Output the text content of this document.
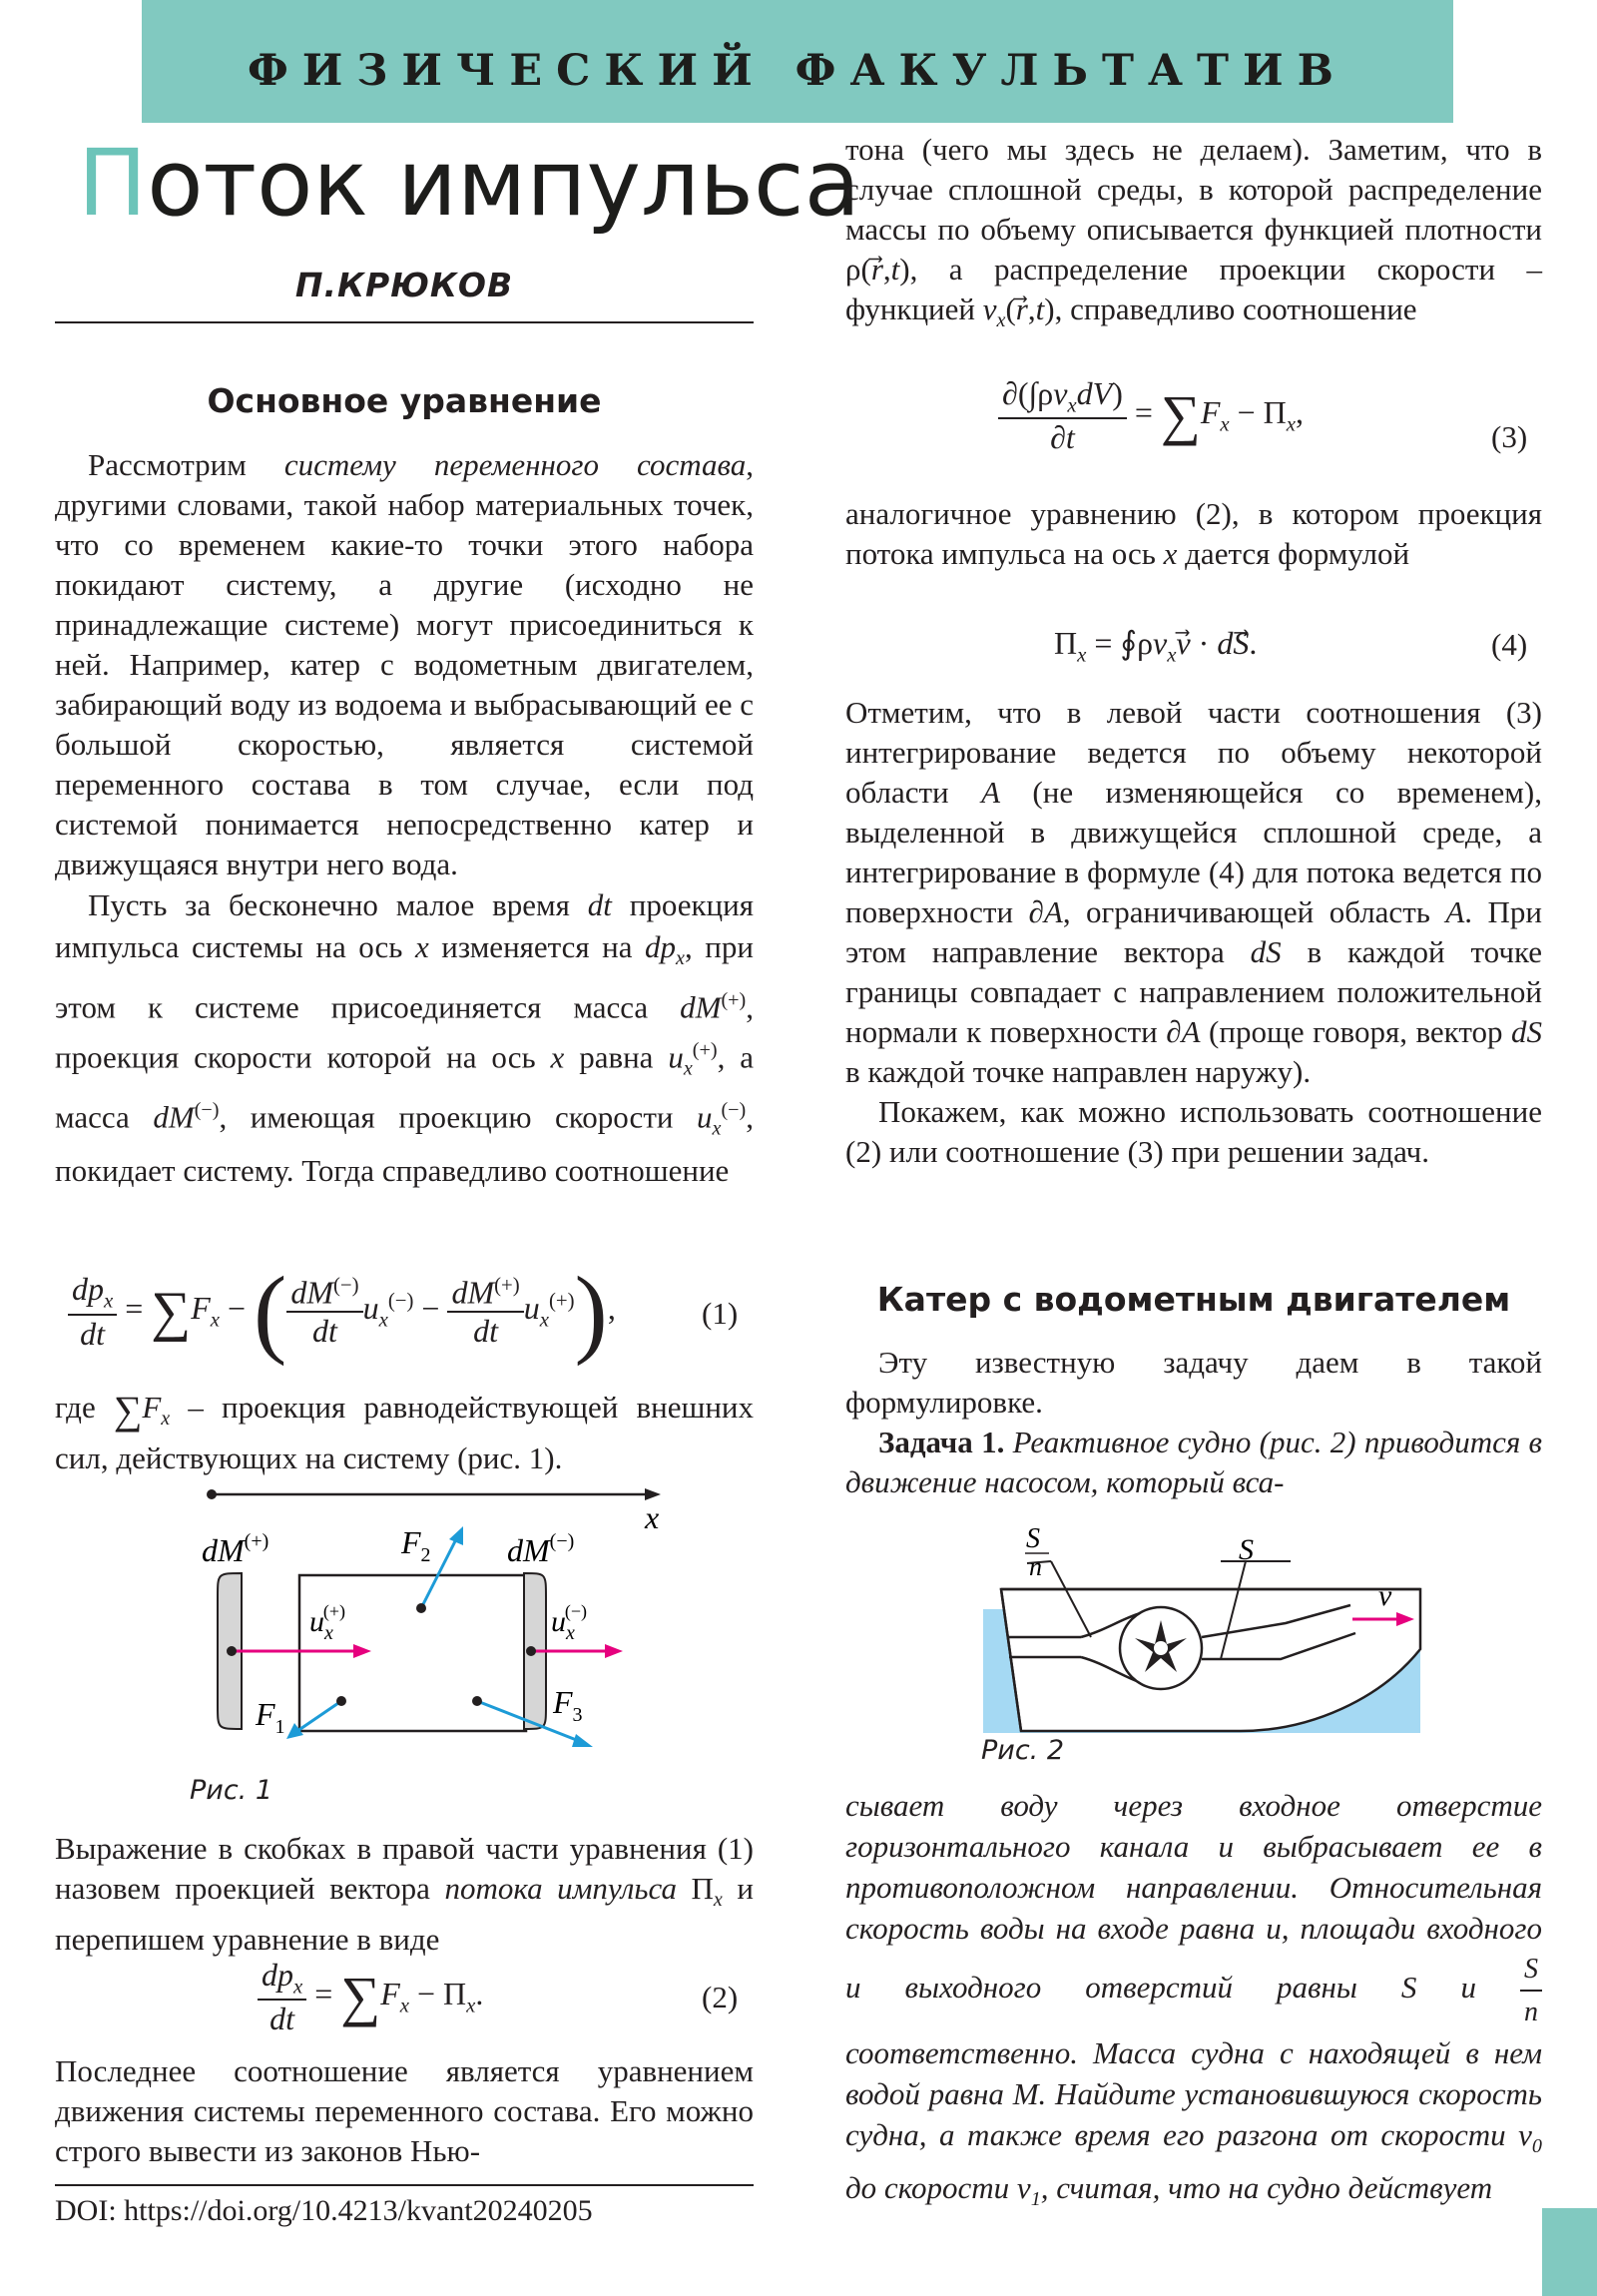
ФИЗИЧЕСКИЙ ФАКУЛЬТАТИВ
Поток импульса
П.КРЮКОВ
Основное уравнение

Рассмотрим систему переменного состава, другими словами, такой набор материальных точек, что со временем какие-то точки этого набора покидают систему, а другие (исходно не принадлежащие системе) могут присоединиться к ней. Например, катер с водометным двигателем, забирающий воду из водоема и выбрасывающий ее с большой скоростью, является системой переменного состава в том случае, если под системой понимается непосредственно катер и движущаяся внутри него вода.

Пусть за бесконечно малое время dt проекция импульса системы на ось x изменяется на $dp_x$, при этом к системе присоединяется масса dM(+), проекция скорости которой на ось x равна $u_x^{(+)}$, а масса dM(−), имеющая проекцию скорости $u_x^{(-)}$, покидает систему. Тогда справедливо соотношение

$\frac{dp_x}{dt} = \sum F_x$ − ( $\frac{dM^{(-)}}{dt} u_x^{(-)} - \frac{dM^{(+)}}{dt} u_x^{(+)}$),	(1)

где $\sum F_x$ – проекция равнодействующей внешних сил, действующих на систему (рис. 1).

x
dM(+)	dM(−)
$F_2$
$F_1$
$F_3$
$u_x(+)$	$u_x(-)$
Рис. 1

Выражение в скобках в правой части уравнения (1) назовем проекцией вектора потока импульса $\Pi_x$ и перепишем уравнение в виде

$\frac{dp_x}{dt} = \sum F_x - \Pi_x$.	(2)

Последнее соотношение является уравнением движения системы переменного состава. Его можно строго вывести из законов Нью-

DOI: https://doi.org/10.4213/kvant20240205

тона (чего мы здесь не делаем). Заметим, что в случае сплошной среды, в которой распределение массы по объему описывается функцией плотности ρ(r⃗,t), а распределение проекции скорости – функцией $v_x(r⃗,t)$, справедливо соотношение

$\frac{\partial(\int\rho v_xdV)}{\partial t} = \sum F_x - \Pi_x$,
(3)

аналогичное уравнению (2), в котором проекция потока импульса на ось x дается формулой

$\Pi_x$ = $∮\rho v_xv⃗$ · dS⃗.	(4)

Отметим, что в левой части соотношения (3) интегрирование ведется по объему некоторой области A (не изменяющейся со временем), выделенной в движущейся сплошной среде, а интегрирование в формуле (4) для потока ведется по поверхности ∂A, ограничивающей область A. При этом направление вектора dS в каждой точке границы совпадает с направлением положительной нормали к поверхности ∂A (проще говоря, вектор dS в каждой точке направлен наружу).

Покажем, как можно использовать соотношение (2) или соотношение (3) при решении задач.

Катер с водометным двигателем

Эту известную задачу даем в такой формулировке.

Задача 1. Реактивное судно (рис. 2) приводится в движение насосом, который вса-

S
n
S
v
Рис. 2

сывает воду через входное отверстие горизонтального канала и выбрасывает ее в противоположном направлении. Относительная скорость воды на входе равна u, площади входного и выходного отверстий равны S и $\frac{S}{n}$
соответственно. Масса судна с находящей в нем водой равна M. Найдите установившуюся скорость судна, а также время его разгона от скорости $v_0$ до скорости $v_1$, считая, что на судно действует
